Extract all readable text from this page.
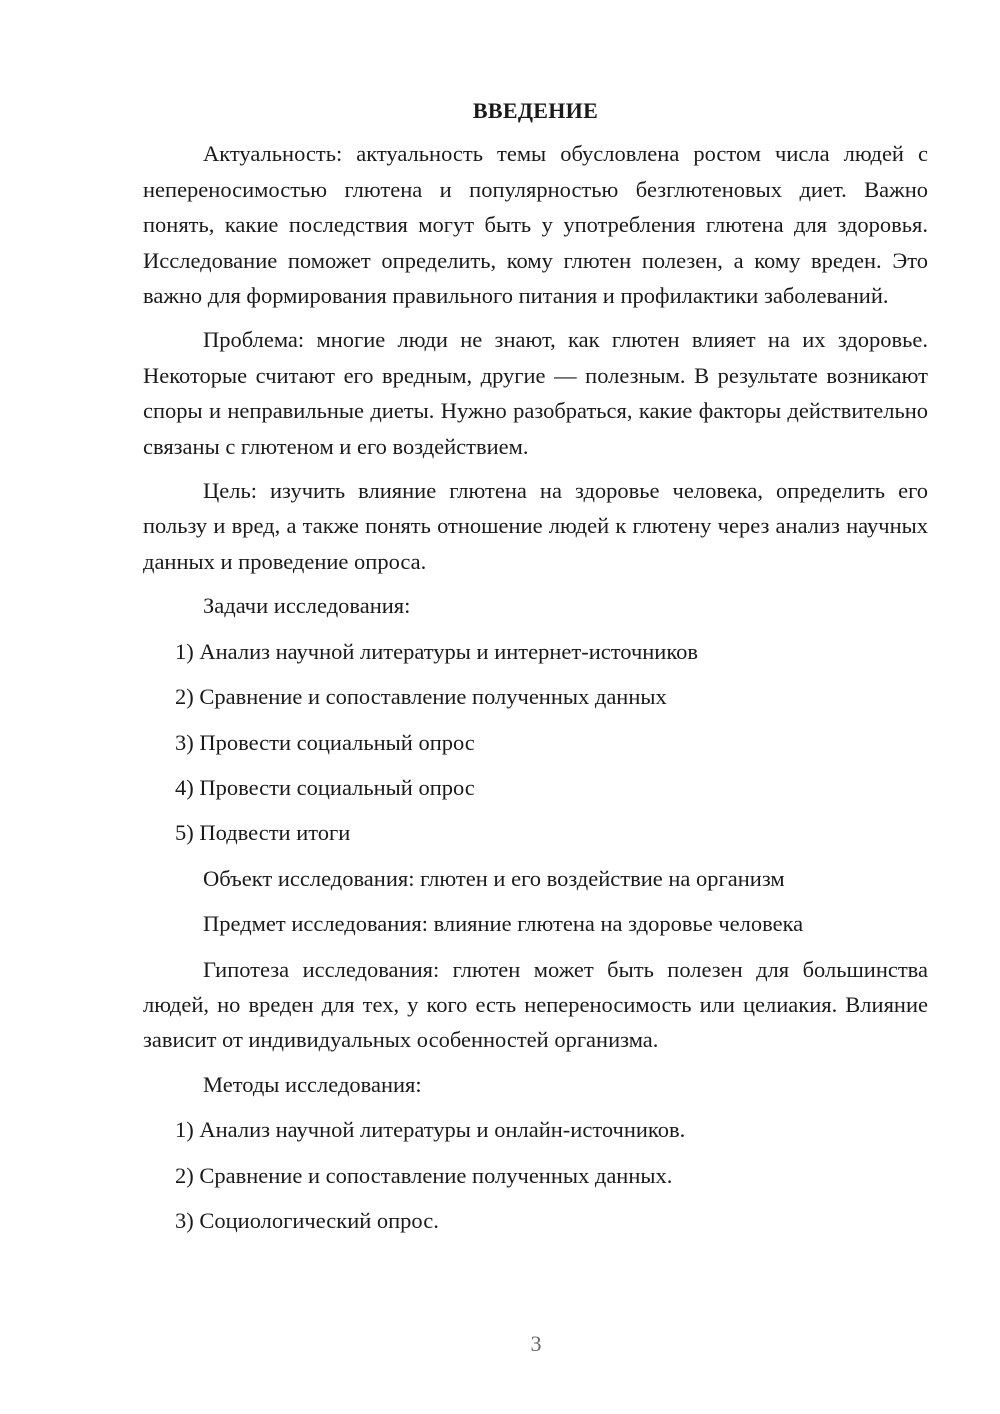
ВВЕДЕНИЕ

Актуальность: актуальность темы обусловлена ростом числа людей с непереносимостью глютена и популярностью безглютеновых диет. Важно понять, какие последствия могут быть у употребления глютена для здоровья. Исследование поможет определить, кому глютен полезен, а кому вреден. Это важно для формирования правильного питания и профилактики заболеваний.

Проблема: многие люди не знают, как глютен влияет на их здоровье. Некоторые считают его вредным, другие — полезным. В результате возникают споры и неправильные диеты. Нужно разобраться, какие факторы действительно связаны с глютеном и его воздействием.

Цель: изучить влияние глютена на здоровье человека, определить его пользу и вред, а также понять отношение людей к глютену через анализ научных данных и проведение опроса.

Задачи исследования:

1) Анализ научной литературы и интернет-источников
2) Сравнение и сопоставление полученных данных
3) Провести социальный опрос
4) Провести социальный опрос
5) Подвести итоги

Объект исследования: глютен и его воздействие на организм

Предмет исследования: влияние глютена на здоровье человека

Гипотеза исследования: глютен может быть полезен для большинства людей, но вреден для тех, у кого есть непереносимость или целиакия. Влияние зависит от индивидуальных особенностей организма.

Методы исследования:

1) Анализ научной литературы и онлайн-источников.
2) Сравнение и сопоставление полученных данных.
3) Социологический опрос.
3
